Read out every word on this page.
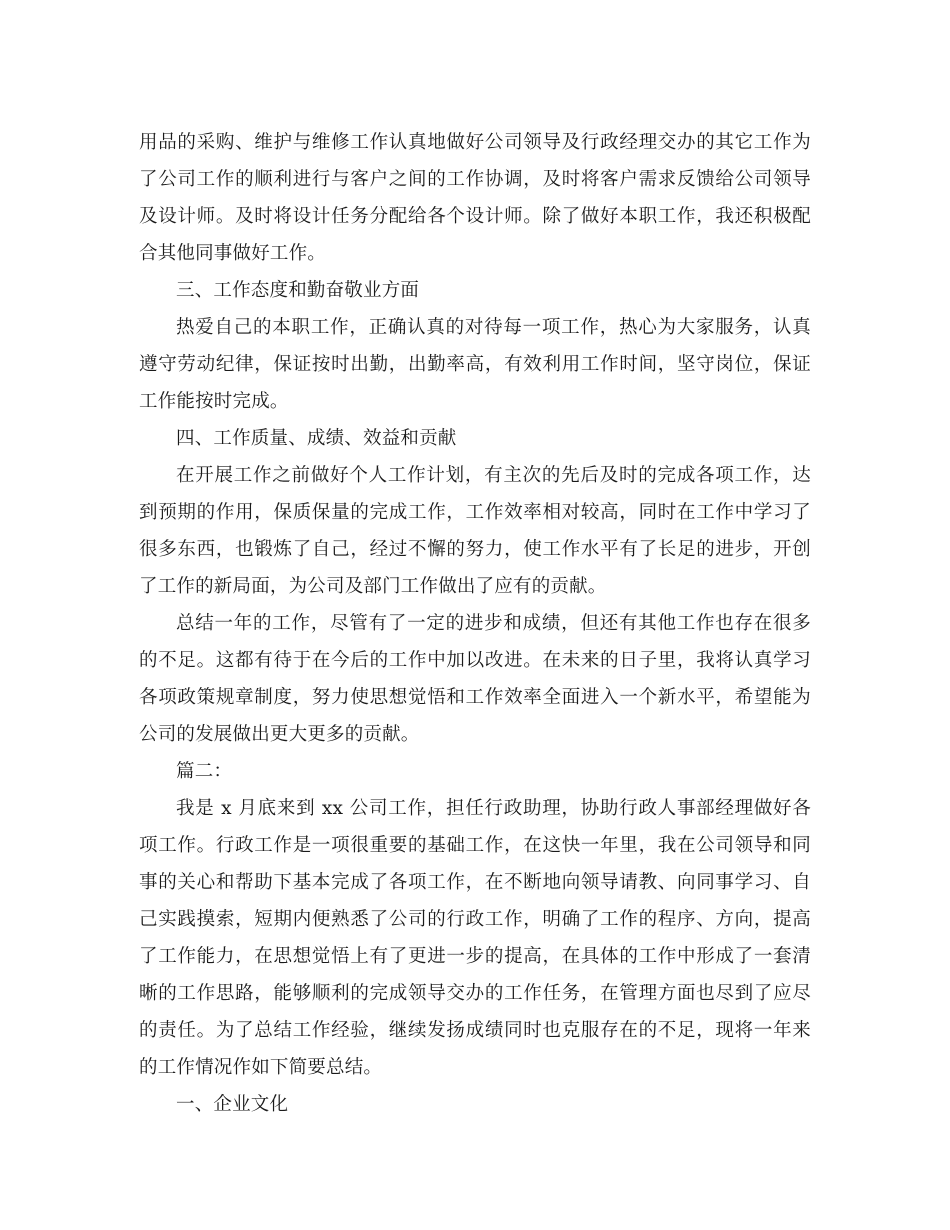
用品的采购、维护与维修工作认真地做好公司领导及行政经理交办的其它工作为了公司工作的顺利进行与客户之间的工作协调，及时将客户需求反馈给公司领导及设计师。及时将设计任务分配给各个设计师。除了做好本职工作，我还积极配合其他同事做好工作。

三、工作态度和勤奋敬业方面

热爱自己的本职工作，正确认真的对待每一项工作，热心为大家服务，认真遵守劳动纪律，保证按时出勤，出勤率高，有效利用工作时间，坚守岗位，保证工作能按时完成。

四、工作质量、成绩、效益和贡献

在开展工作之前做好个人工作计划，有主次的先后及时的完成各项工作，达到预期的作用，保质保量的完成工作，工作效率相对较高，同时在工作中学习了很多东西，也锻炼了自己，经过不懈的努力，使工作水平有了长足的进步，开创了工作的新局面，为公司及部门工作做出了应有的贡献。

总结一年的工作，尽管有了一定的进步和成绩，但还有其他工作也存在很多的不足。这都有待于在今后的工作中加以改进。在未来的日子里，我将认真学习各项政策规章制度，努力使思想觉悟和工作效率全面进入一个新水平，希望能为公司的发展做出更大更多的贡献。

篇二：

我是 x 月底来到 xx 公司工作，担任行政助理，协助行政人事部经理做好各项工作。行政工作是一项很重要的基础工作，在这快一年里，我在公司领导和同事的关心和帮助下基本完成了各项工作，在不断地向领导请教、向同事学习、自己实践摸索，短期内便熟悉了公司的行政工作，明确了工作的程序、方向，提高了工作能力，在思想觉悟上有了更进一步的提高，在具体的工作中形成了一套清晰的工作思路，能够顺利的完成领导交办的工作任务，在管理方面也尽到了应尽的责任。为了总结工作经验，继续发扬成绩同时也克服存在的不足，现将一年来的工作情况作如下简要总结。

一、企业文化
